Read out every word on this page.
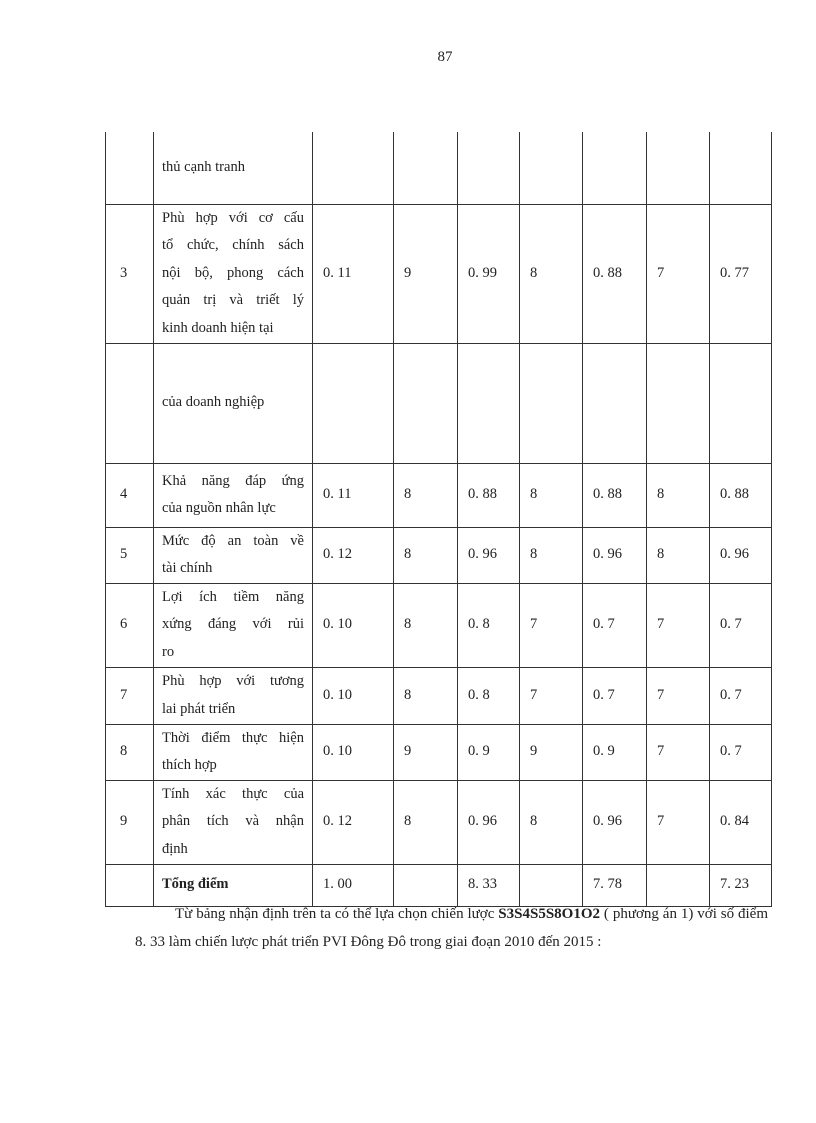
87

	thủ cạnh tranh							

3	Phù hợp với cơ cấu
tổ chức, chính sách
nội bộ, phong cách
quản trị và triết lý
kinh doanh hiện tại	0. 11	9	0. 99	8	0. 88	7	0. 77

	của doanh nghiệp							

4	Khả năng đáp ứng
của nguồn nhân lực	0. 11	8	0. 88	8	0. 88	8	0. 88
5	Mức độ an toàn về
tài chính	0. 12	8	0. 96	8	0. 96	8	0. 96
6	Lợi ích tiềm năng
xứng đáng với rủi
ro	0. 10	8	0. 8	7	0. 7	7	0. 7
7	Phù hợp với tương
lai phát triển	0. 10	8	0. 8	7	0. 7	7	0. 7
8	Thời điểm thực hiện
thích hợp	0. 10	9	0. 9	9	0. 9	7	0. 7
9	Tính xác thực của
phân tích và nhận
định	0. 12	8	0. 96	8	0. 96	7	0. 84
	Tổng điểm	1. 00		8. 33		7. 78		7. 23
Từ bảng nhận định trên ta có thể lựa chọn chiến lược S3S4S5S8O1O2 ( phương án 1) với số điểm 8. 33 làm chiến lược phát triển PVI Đông Đô trong giai đoạn 2010 đến 2015 :
